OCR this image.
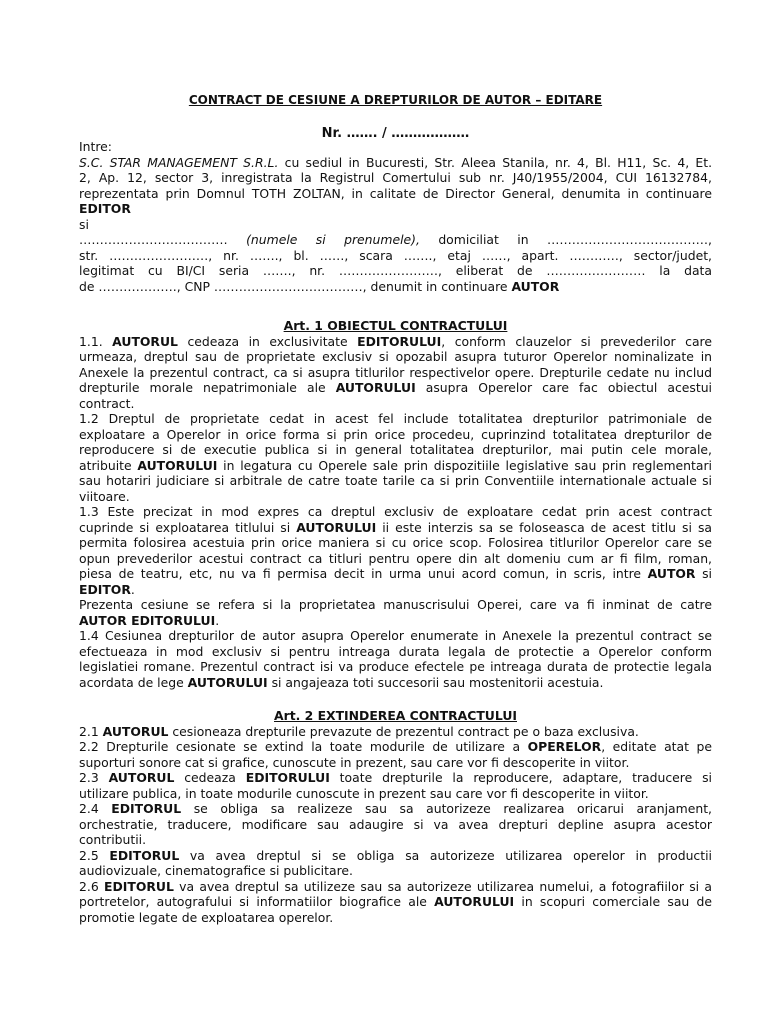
CONTRACT DE CESIUNE A DREPTURILOR DE AUTOR – EDITARE
Nr. ……. / ………………
Intre:
S.C. STAR MANAGEMENT S.R.L. cu sediul in Bucuresti, Str. Aleea Stanila, nr. 4, Bl. H11, Sc. 4, Et.
2, Ap. 12, sector 3, inregistrata la Registrul Comertului sub nr. J40/1955/2004, CUI 16132784,
reprezentata prin Domnul TOTH ZOLTAN, in calitate de Director General, denumita in continuare
EDITOR
si
……………………………… (numele si prenumele), domiciliat in …………………………………,
str. ……………………, nr. ……., bl. ……, scara ……., etaj ……, apart. …………, sector/judet,
legitimat cu BI/CI seria ……., nr. ……………………, eliberat de …………………… la data
de ………………., CNP ………………………………, denumit in continuare AUTOR
Art. 1 OBIECTUL CONTRACTULUI
1.1. AUTORUL cedeaza in exclusivitate EDITORULUI, conform clauzelor si prevederilor care
urmeaza, dreptul sau de proprietate exclusiv si opozabil asupra tuturor Operelor nominalizate in
Anexele la prezentul contract, ca si asupra titlurilor respectivelor opere. Drepturile cedate nu includ
drepturile morale nepatrimoniale ale AUTORULUI asupra Operelor care fac obiectul acestui
contract.
1.2 Dreptul de proprietate cedat in acest fel include totalitatea drepturilor patrimoniale de
exploatare a Operelor in orice forma si prin orice procedeu, cuprinzind totalitatea drepturilor de
reproducere si de executie publica si in general totalitatea drepturilor, mai putin cele morale,
atribuite AUTORULUI in legatura cu Operele sale prin dispozitiile legislative sau prin reglementari
sau hotariri judiciare si arbitrale de catre toate tarile ca si prin Conventiile internationale actuale si
viitoare.
1.3 Este precizat in mod expres ca dreptul exclusiv de exploatare cedat prin acest contract
cuprinde si exploatarea titlului si AUTORULUI ii este interzis sa se foloseasca de acest titlu si sa
permita folosirea acestuia prin orice maniera si cu orice scop. Folosirea titlurilor Operelor care se
opun prevederilor acestui contract ca titluri pentru opere din alt domeniu cum ar fi film, roman,
piesa de teatru, etc, nu va fi permisa decit in urma unui acord comun, in scris, intre AUTOR si
EDITOR.
Prezenta cesiune se refera si la proprietatea manuscrisului Operei, care va fi inminat de catre
AUTOR EDITORULUI.
1.4 Cesiunea drepturilor de autor asupra Operelor enumerate in Anexele la prezentul contract se
efectueaza in mod exclusiv si pentru intreaga durata legala de protectie a Operelor conform
legislatiei romane. Prezentul contract isi va produce efectele pe intreaga durata de protectie legala
acordata de lege AUTORULUI si angajeaza toti succesorii sau mostenitorii acestuia.
Art. 2 EXTINDEREA CONTRACTULUI
2.1 AUTORUL cesioneaza drepturile prevazute de prezentul contract pe o baza exclusiva.
2.2 Drepturile cesionate se extind la toate modurile de utilizare a OPERELOR, editate atat pe
suporturi sonore cat si grafice, cunoscute in prezent, sau care vor fi descoperite in viitor.
2.3 AUTORUL cedeaza EDITORULUI toate drepturile la reproducere, adaptare, traducere si
utilizare publica, in toate modurile cunoscute in prezent sau care vor fi descoperite in viitor.
2.4 EDITORUL se obliga sa realizeze sau sa autorizeze realizarea oricarui aranjament,
orchestratie, traducere, modificare sau adaugire si va avea drepturi depline asupra acestor
contributii.
2.5 EDITORUL va avea dreptul si se obliga sa autorizeze utilizarea operelor in productii
audiovizuale, cinematografice si publicitare.
2.6 EDITORUL va avea dreptul sa utilizeze sau sa autorizeze utilizarea numelui, a fotografiilor si a
portretelor, autografului si informatiilor biografice ale AUTORULUI in scopuri comerciale sau de
promotie legate de exploatarea operelor.
